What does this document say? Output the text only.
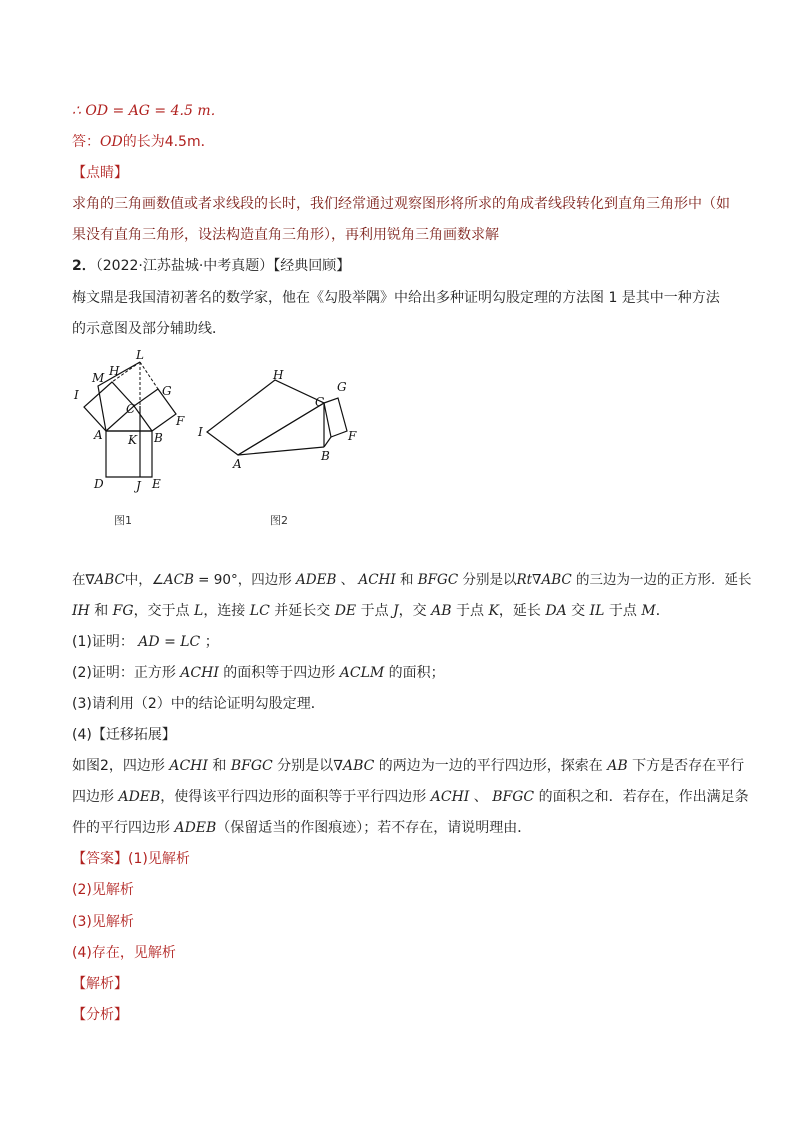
∴ OD = AG = 4.5 m．
答：OD的长为4.5m．
【点睛】
求角的三角画数值或者求线段的长时，我们经常通过观察图形将所求的角成者线段转化到直角三角形中（如
果没有直角三角形，设法构造直角三角形），再利用锐角三角画数求解
2．（2022·江苏盐城·中考真题）【经典回顾】
梅文鼎是我国清初著名的数学家，他在《勾股举隅》中给出多种证明勾股定理的方法图 1 是其中一种方法
的示意图及部分辅助线．
L
M H
G
I
C
F
A K B
D	J E
图1
H
G
C
I	F
A
B
图2
在∇ABC中，∠ACB = 90°，四边形 ADEB 、 ACHI 和 BFGC 分别是以Rt∇ABC 的三边为一边的正方形．延长
IH 和 FG，交于点 L，连接 LC 并延长交 DE 于点 J，交 AB 于点 K，延长 DA 交 IL 于点 M．
(1)证明： AD = LC ；
(2)证明：正方形 ACHI 的面积等于四边形 ACLM 的面积；
(3)请利用（2）中的结论证明勾股定理．
(4)【迁移拓展】
如图2，四边形 ACHI 和 BFGC 分别是以∇ABC 的两边为一边的平行四边形，探索在 AB 下方是否存在平行
四边形 ADEB，使得该平行四边形的面积等于平行四边形 ACHI 、 BFGC 的面积之和．若存在，作出满足条
件的平行四边形 ADEB（保留适当的作图痕迹）；若不存在，请说明理由．
【答案】(1)见解析
(2)见解析
(3)见解析
(4)存在，见解析
【解析】
【分析】
